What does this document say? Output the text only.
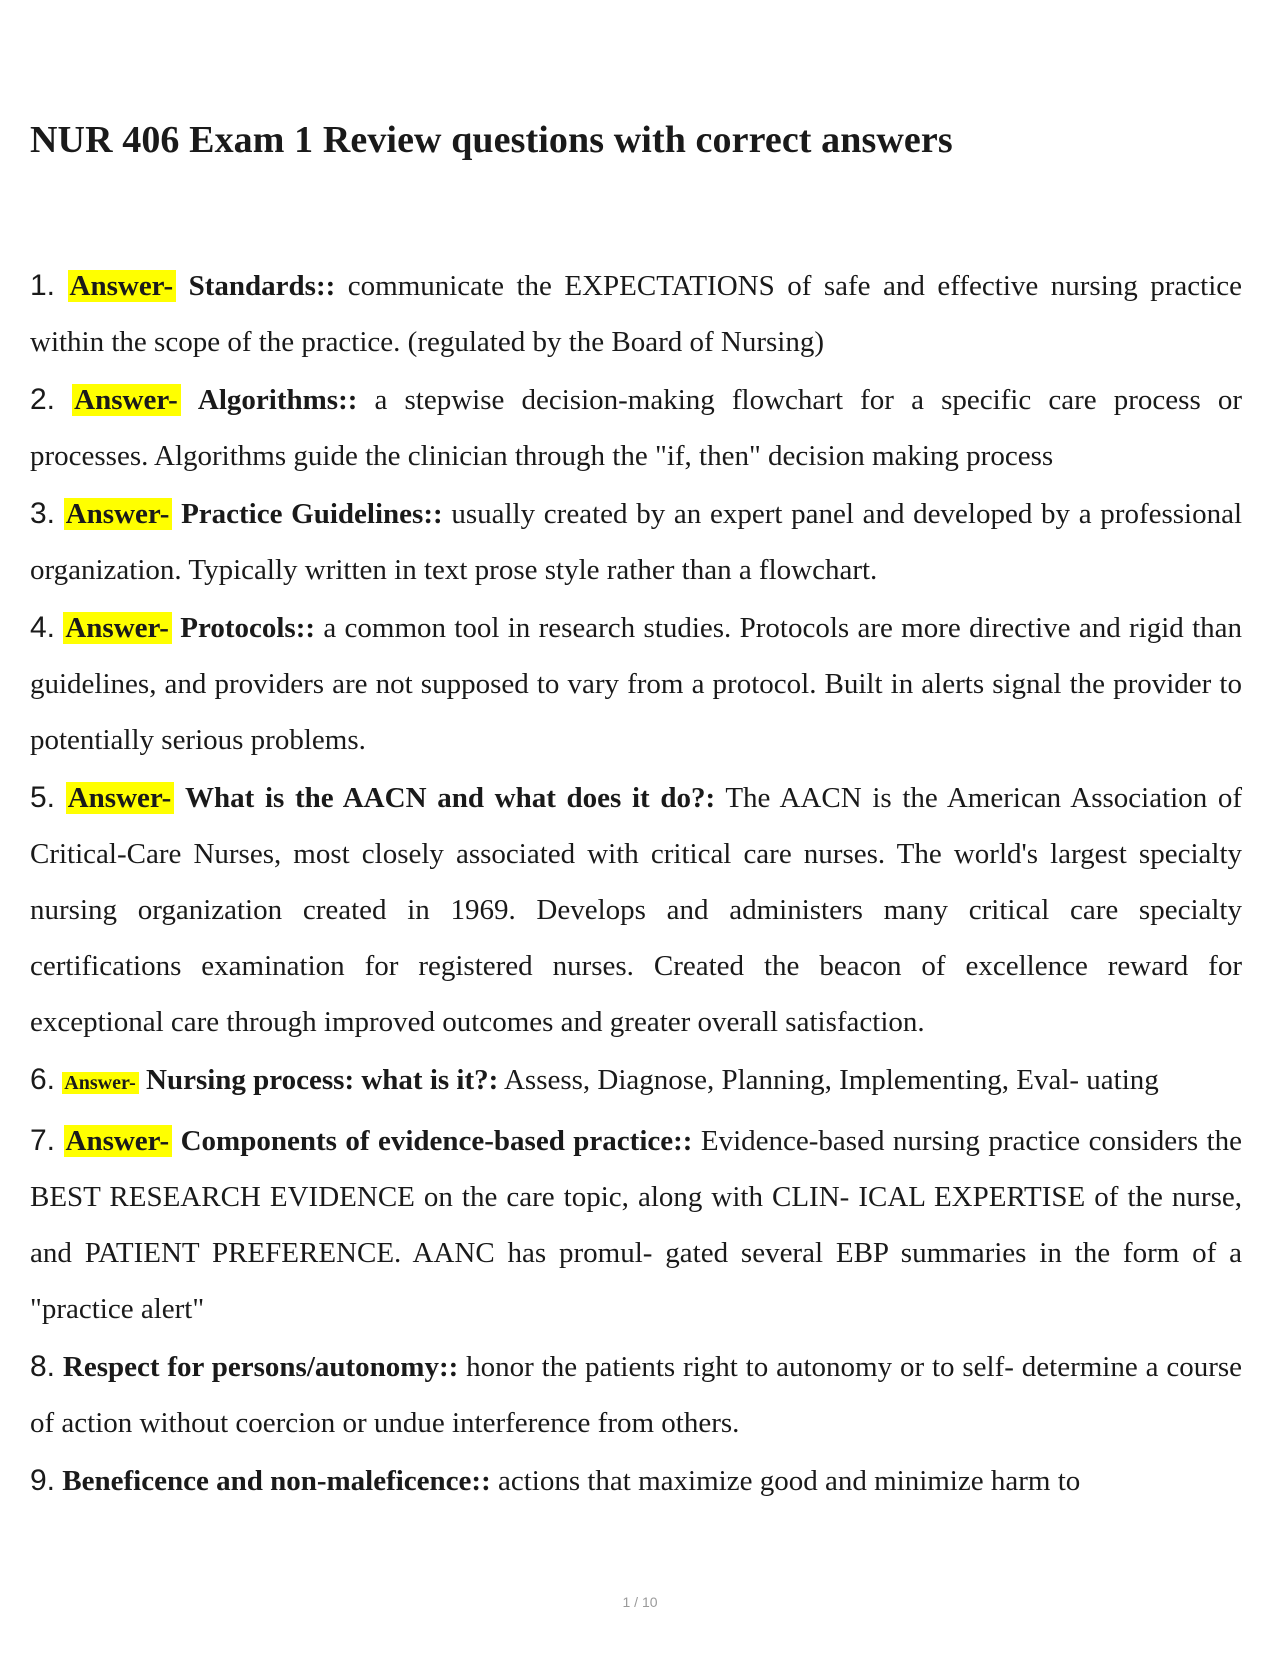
NUR 406 Exam 1 Review questions with correct answers
1. Answer- Standards:: communicate the EXPECTATIONS of safe and effective nursing practice within the scope of the practice. (regulated by the Board of Nursing)
2. Answer- Algorithms:: a stepwise decision-making flowchart for a specific care process or processes. Algorithms guide the clinician through the "if, then" decision making process
3. Answer- Practice Guidelines:: usually created by an expert panel and developed by a professional organization. Typically written in text prose style rather than a flowchart.
4. Answer- Protocols:: a common tool in research studies. Protocols are more directive and rigid than guidelines, and providers are not supposed to vary from a protocol. Built in alerts signal the provider to potentially serious problems.
5. Answer- What is the AACN and what does it do?: The AACN is the American Association of Critical-Care Nurses, most closely associated with critical care nurses. The world's largest specialty nursing organization created in 1969. Develops and administers many critical care specialty certifications examination for registered nurses. Created the beacon of excellence reward for exceptional care through improved outcomes and greater overall satisfaction.
6. Answer- Nursing process: what is it?: Assess, Diagnose, Planning, Implementing, Eval- uating
7. Answer- Components of evidence-based practice:: Evidence-based nursing practice considers the BEST RESEARCH EVIDENCE on the care topic, along with CLIN- ICAL EXPERTISE of the nurse, and PATIENT PREFERENCE. AANC has promul- gated several EBP summaries in the form of a "practice alert"
8. Respect for persons/autonomy:: honor the patients right to autonomy or to self- determine a course of action without coercion or undue interference from others.
9. Beneficence and non-maleficence:: actions that maximize good and minimize harm to
1 / 10
